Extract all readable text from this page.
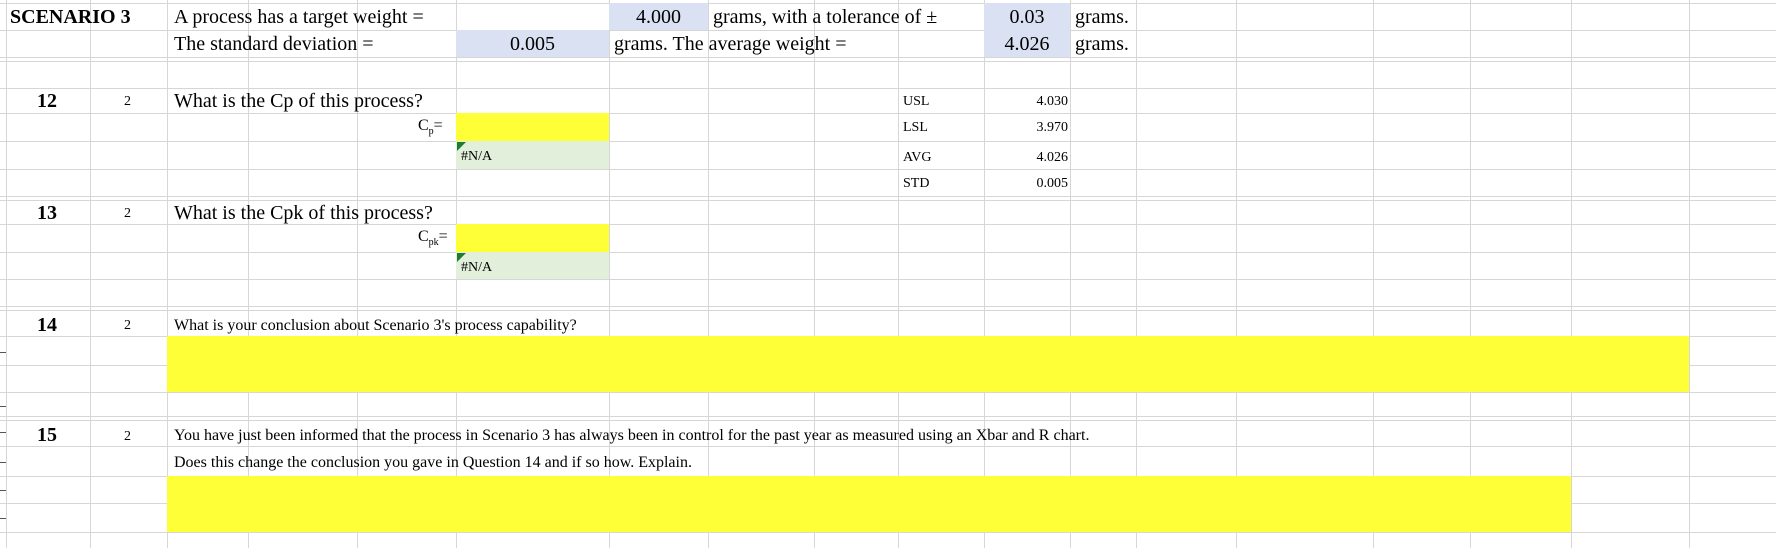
SCENARIO 3 A process has a target weight =	4.000	grams, with a tolerance of ±	0.03	grams.
The standard deviation =	0.005	grams. The average weight =	4.026	grams.
12	2 What is the Cp of this process?
$C_p=$
#N/A
USL	4.030
LSL	3.970
AVG	4.026
STD	0.005
13	2 What is the Cpk of this process?
$C_{pk}=$
#N/A
14	2	What is your conclusion about Scenario 3's process capability?
15	2	You have just been informed that the process in Scenario 3 has always been in control for the past year as measured using an Xbar and R chart.
Does this change the conclusion you gave in Question 14 and if so how. Explain.
